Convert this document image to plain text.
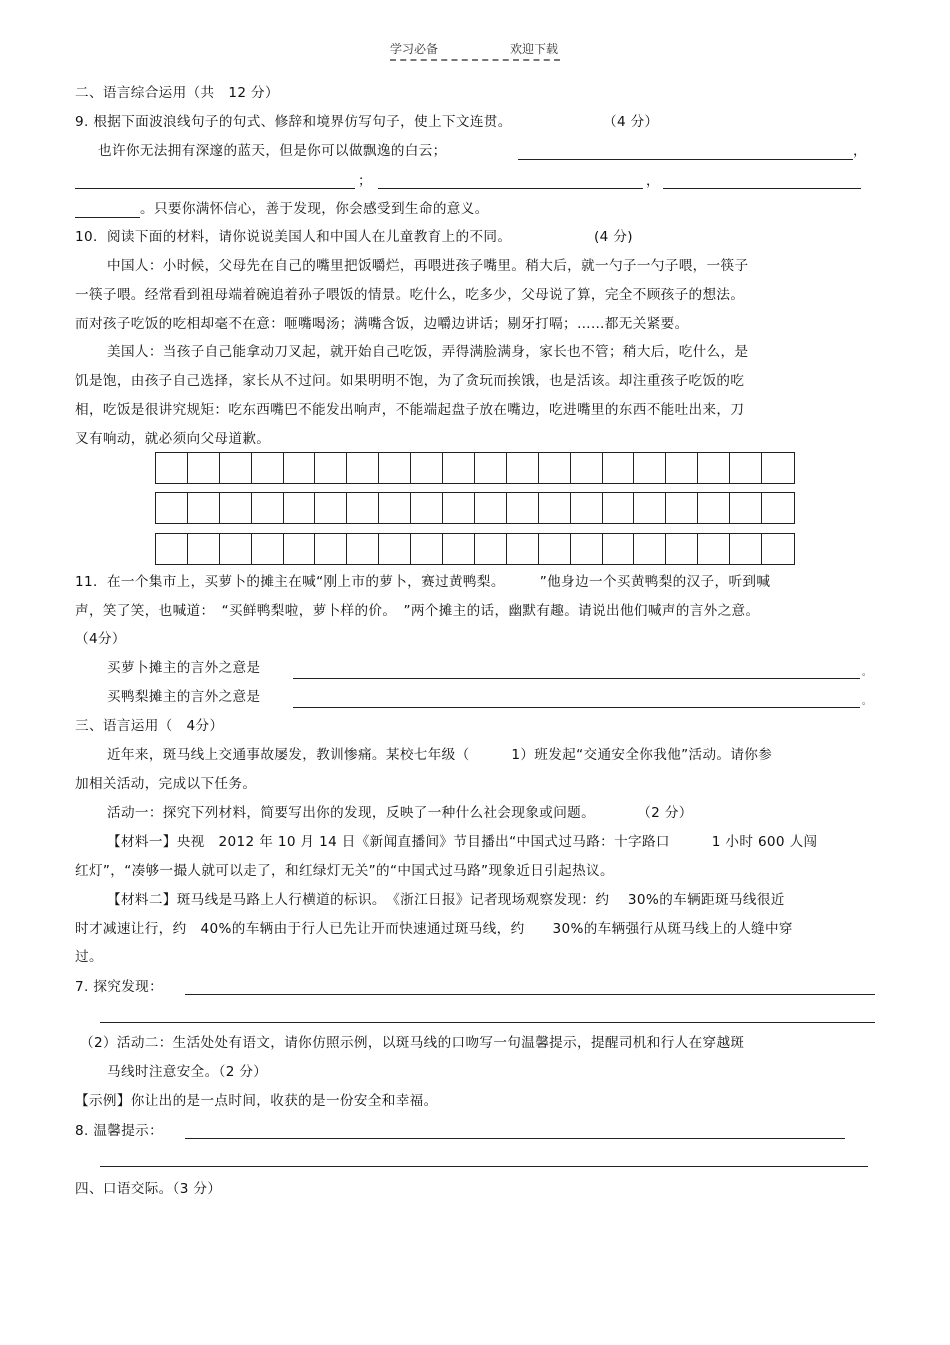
学习必备	欢迎下载
二、语言综合运用（共　12 分）
9. 根据下面波浪线句子的句式、修辞和境界仿写句子，使上下文连贯。	（4 分）
也许你无法拥有深邃的蓝天，但是你可以做飘逸的白云；	，
；	，
。只要你满怀信心，善于发现，你会感受到生命的意义。
10．阅读下面的材料，请你说说美国人和中国人在儿童教育上的不同。	(4 分)
中国人：小时候，父母先在自己的嘴里把饭嚼烂，再喂进孩子嘴里。稍大后，就一勺子一勺子喂，一筷子
一筷子喂。经常看到祖母端着碗追着孙子喂饭的情景。吃什么，吃多少，父母说了算，完全不顾孩子的想法。
而对孩子吃饭的吃相却毫不在意：咂嘴喝汤；满嘴含饭，边嚼边讲话；剔牙打嗝；……都无关紧要。
美国人：当孩子自己能拿动刀叉起，就开始自己吃饭，弄得满脸满身，家长也不管；稍大后，吃什么，是
饥是饱，由孩子自己选择，家长从不过问。如果明明不饱，为了贪玩而挨饿，也是活该。却注重孩子吃饭的吃
相，吃饭是很讲究规矩：吃东西嘴巴不能发出响声，不能端起盘子放在嘴边，吃进嘴里的东西不能吐出来，刀
叉有响动，就必须向父母道歉。
11．在一个集市上，买萝卜的摊主在喊“刚上市的萝卜，赛过黄鸭梨。　　　”他身边一个买黄鸭梨的汉子，听到喊
声，笑了笑，也喊道：　“买鲜鸭梨啦，萝卜样的价。　”两个摊主的话，幽默有趣。请说出他们喊声的言外之意。
（4分）
买萝卜摊主的言外之意是	。
买鸭梨摊主的言外之意是	。
三、语言运用（　4分）
近年来，斑马线上交通事故屡发，教训惨痛。某校七年级（　　　1）班发起“交通安全你我他”活动。请你参
加相关活动，完成以下任务。
活动一：探究下列材料，简要写出你的发现，反映了一种什么社会现象或问题。　　　　（2 分）
【材料一】央视　2012 年 10 月 14 日《新闻直播间》节目播出“中国式过马路：十字路口　　　1 小时 600 人闯
红灯”，“凑够一撮人就可以走了，和红绿灯无关”的“中国式过马路”现象近日引起热议。
【材料二】斑马线是马路上人行横道的标识。　《浙江日报》记者现场观察发现：约　 30%的车辆距斑马线很近
时才减速让行，约　40%的车辆由于行人已先让开而快速通过斑马线，约　　30%的车辆强行从斑马线上的人缝中穿
过。
7. 探究发现：
（2）活动二：生活处处有语文，请你仿照示例，以斑马线的口吻写一句温馨提示，提醒司机和行人在穿越斑
马线时注意安全。（2 分）
【示例】你让出的是一点时间，收获的是一份安全和幸福。
8. 温馨提示：
四、口语交际。（3 分）
